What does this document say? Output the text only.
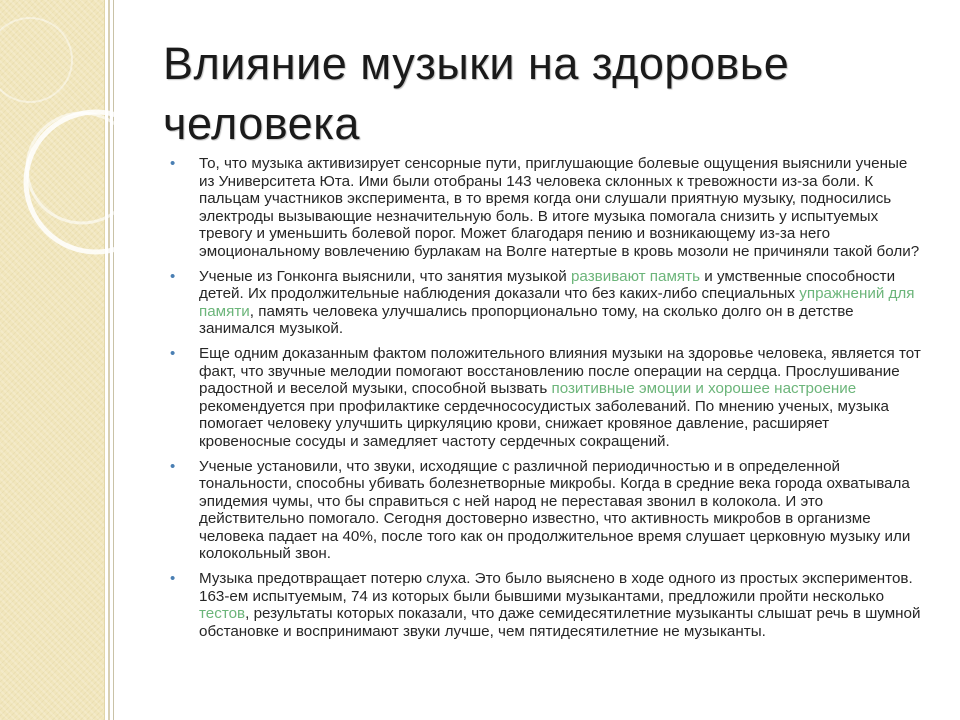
Влияние музыки на здоровье человека
• То, что музыка активизирует сенсорные пути, приглушающие болевые ощущения выяснили ученые из Университета Юта. Ими были отобраны 143 человека склонных к тревожности из-за боли. К пальцам участников эксперимента, в то время когда они слушали приятную музыку, подносились электроды вызывающие незначительную боль. В итоге музыка помогала снизить у испытуемых тревогу и уменьшить болевой порог. Может благодаря пению и возникающему из-за него эмоциональному вовлечению бурлакам на Волге натертые в кровь мозоли не причиняли такой боли?
• Ученые из Гонконга выяснили, что занятия музыкой развивают память и умственные способности детей. Их продолжительные наблюдения доказали что без каких-либо специальных упражнений для памяти, память человека улучшались пропорционально тому, на сколько долго он в детстве занимался музыкой.
• Еще одним доказанным фактом положительного влияния музыки на здоровье человека, является тот факт, что звучные мелодии помогают восстановлению после операции на сердца. Прослушивание радостной и веселой музыки, способной вызвать позитивные эмоции и хорошее настроение рекомендуется при профилактике сердечнососудистых заболеваний. По мнению ученых, музыка помогает человеку улучшить циркуляцию крови, снижает кровяное давление, расширяет кровеносные сосуды и замедляет частоту сердечных сокращений.
• Ученые установили, что звуки, исходящие с различной периодичностью и в определенной тональности, способны убивать болезнетворные микробы. Когда в средние века города охватывала эпидемия чумы, что бы справиться с ней народ не переставая звонил в колокола. И это действительно помогало. Сегодня достоверно известно, что активность микробов в организме человека падает на 40%, после того как он продолжительное время слушает церковную музыку или колокольный звон.
• Музыка предотвращает потерю слуха. Это было выяснено в ходе одного из простых экспериментов. 163-ем испытуемым, 74 из которых были бывшими музыкантами, предложили пройти несколько тестов, результаты которых показали, что даже семидесятилетние музыканты слышат речь в шумной обстановке и воспринимают звуки лучше, чем пятидесятилетние не музыканты.
